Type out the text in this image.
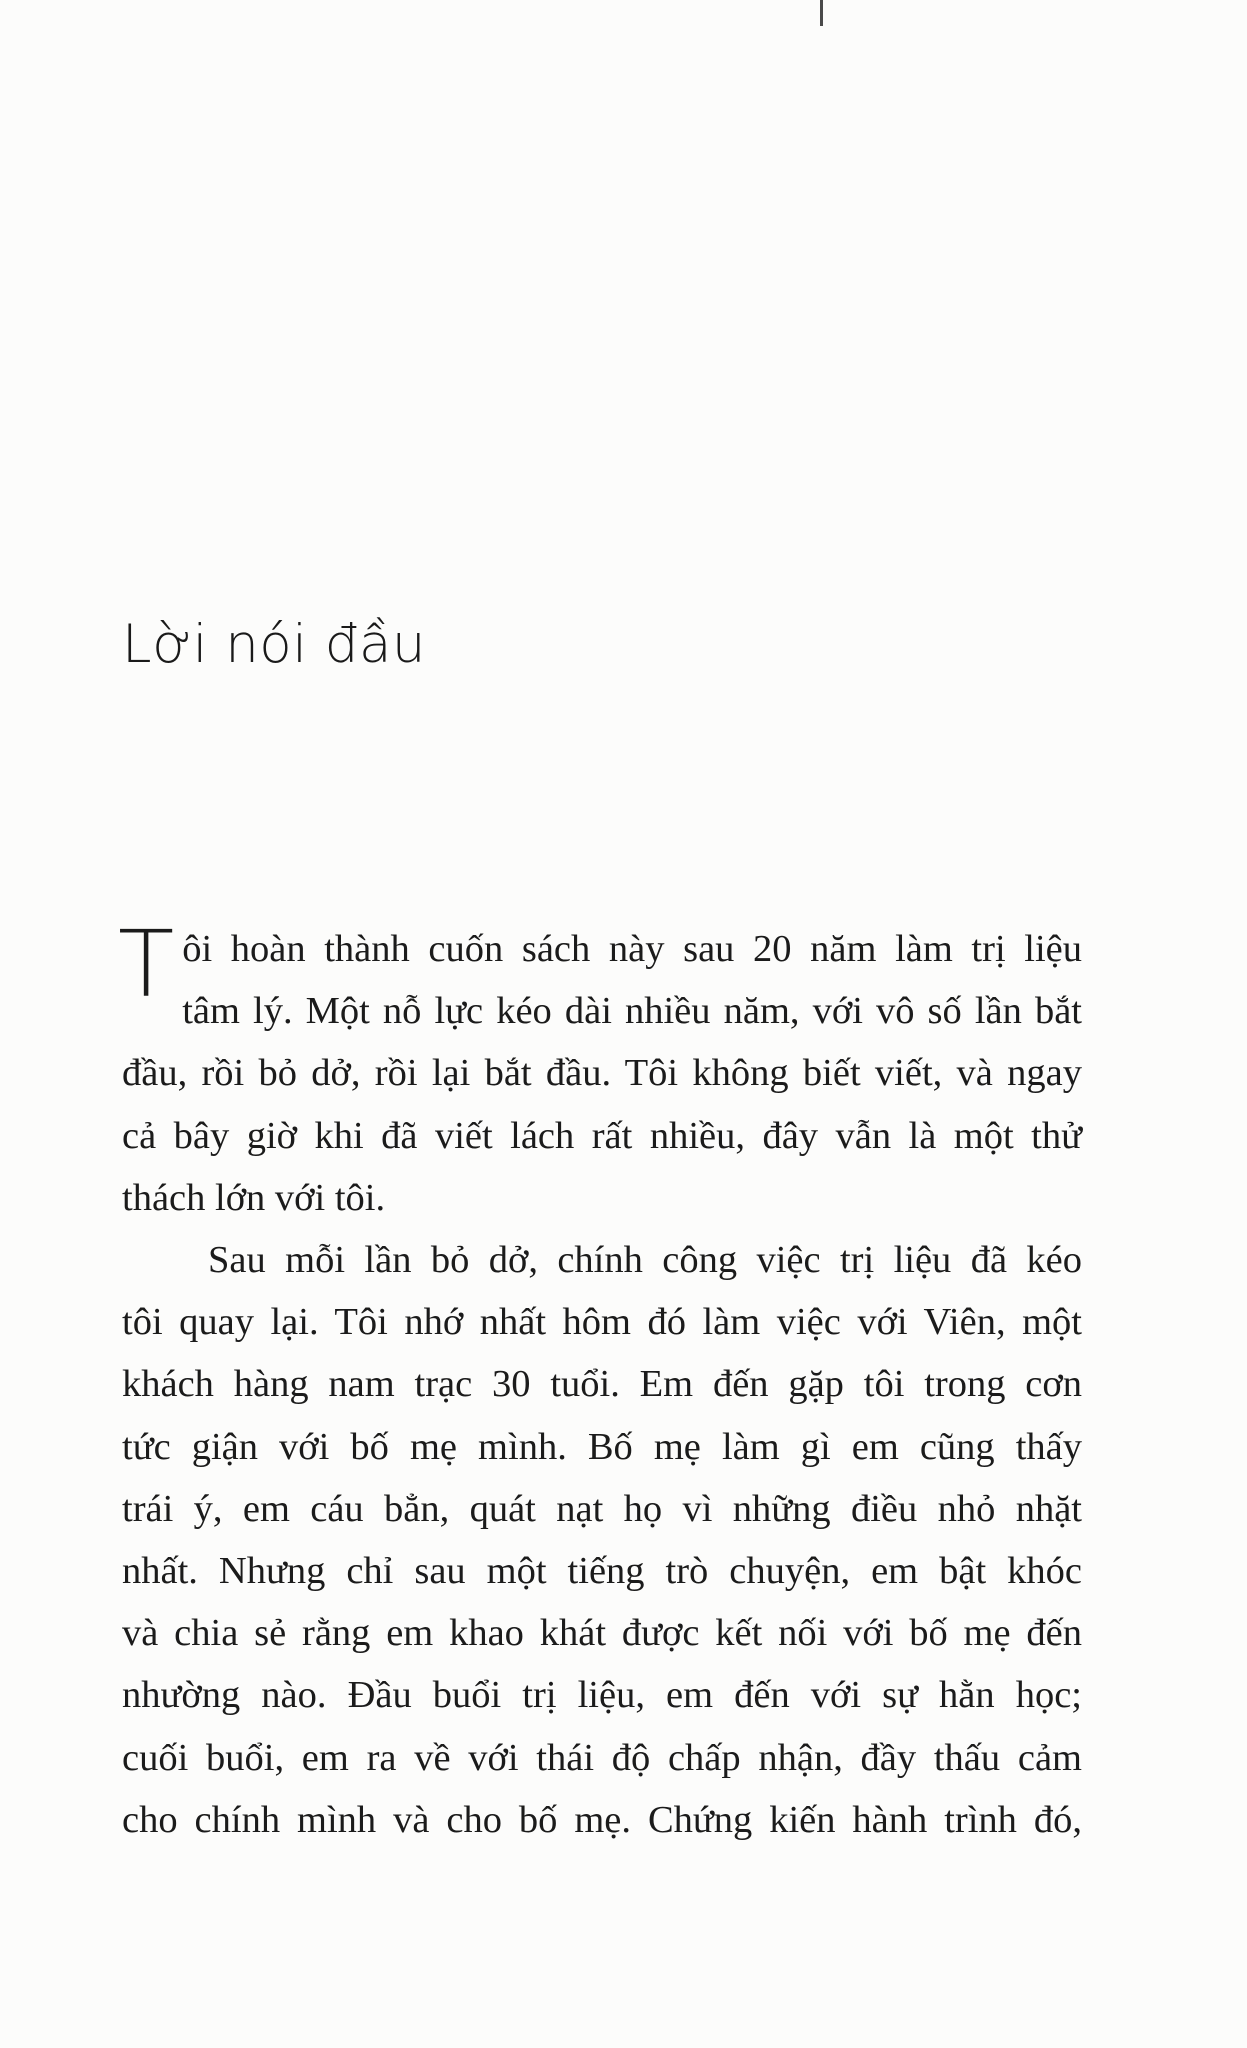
Lời nói đầu
T ôi hoàn thành cuốn sách này sau 20 năm làm trị liệu
tâm lý. Một nỗ lực kéo dài nhiều năm, với vô số lần bắt
đầu, rồi bỏ dở, rồi lại bắt đầu. Tôi không biết viết, và ngay
cả bây giờ khi đã viết lách rất nhiều, đây vẫn là một thử
thách lớn với tôi.
Sau mỗi lần bỏ dở, chính công việc trị liệu đã kéo
tôi quay lại. Tôi nhớ nhất hôm đó làm việc với Viên, một
khách hàng nam trạc 30 tuổi. Em đến gặp tôi trong cơn
tức giận với bố mẹ mình. Bố mẹ làm gì em cũng thấy
trái ý, em cáu bẳn, quát nạt họ vì những điều nhỏ nhặt
nhất. Nhưng chỉ sau một tiếng trò chuyện, em bật khóc
và chia sẻ rằng em khao khát được kết nối với bố mẹ đến
nhường nào. Đầu buổi trị liệu, em đến với sự hằn học;
cuối buổi, em ra về với thái độ chấp nhận, đầy thấu cảm
cho chính mình và cho bố mẹ. Chứng kiến hành trình đó,
